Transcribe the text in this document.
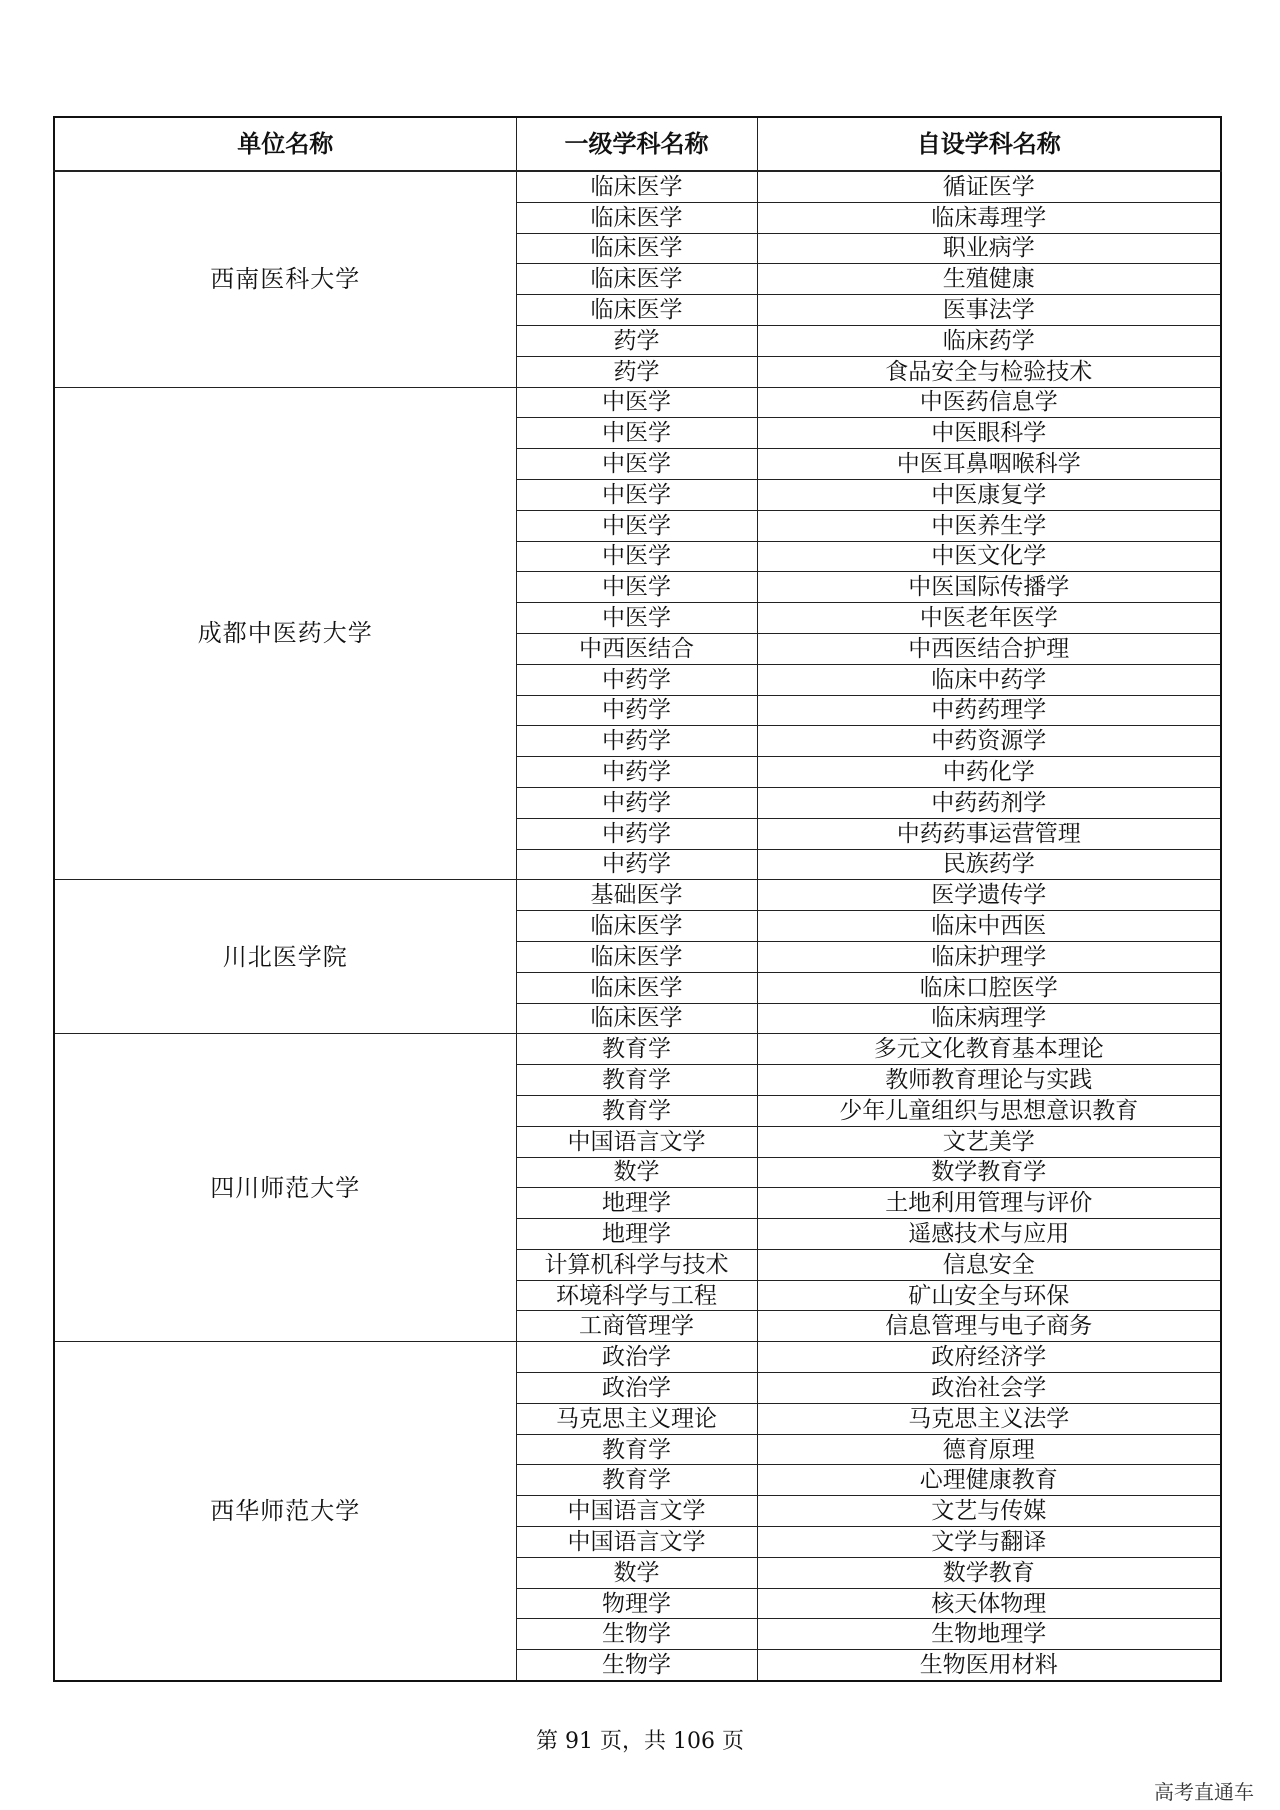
单位名称	一级学科名称	自设学科名称
西南医科大学	临床医学	循证医学
	临床医学	临床毒理学
	临床医学	职业病学
	临床医学	生殖健康
	临床医学	医事法学
	药学	临床药学
	药学	食品安全与检验技术
成都中医药大学	中医学	中医药信息学
	中医学	中医眼科学
	中医学	中医耳鼻咽喉科学
	中医学	中医康复学
	中医学	中医养生学
	中医学	中医文化学
	中医学	中医国际传播学
	中医学	中医老年医学
	中西医结合	中西医结合护理
	中药学	临床中药学
	中药学	中药药理学
	中药学	中药资源学
	中药学	中药化学
	中药学	中药药剂学
	中药学	中药药事运营管理
	中药学	民族药学
川北医学院	基础医学	医学遗传学
	临床医学	临床中西医
	临床医学	临床护理学
	临床医学	临床口腔医学
	临床医学	临床病理学
四川师范大学	教育学	多元文化教育基本理论
	教育学	教师教育理论与实践
	教育学	少年儿童组织与思想意识教育
	中国语言文学	文艺美学
	数学	数学教育学
	地理学	土地利用管理与评价
	地理学	遥感技术与应用
	计算机科学与技术	信息安全
	环境科学与工程	矿山安全与环保
	工商管理学	信息管理与电子商务
西华师范大学	政治学	政府经济学
	政治学	政治社会学
	马克思主义理论	马克思主义法学
	教育学	德育原理
	教育学	心理健康教育
	中国语言文学	文艺与传媒
	中国语言文学	文学与翻译
	数学	数学教育
	物理学	核天体物理
	生物学	生物地理学
	生物学	生物医用材料
第 91 页，共 106 页
高考直通车
